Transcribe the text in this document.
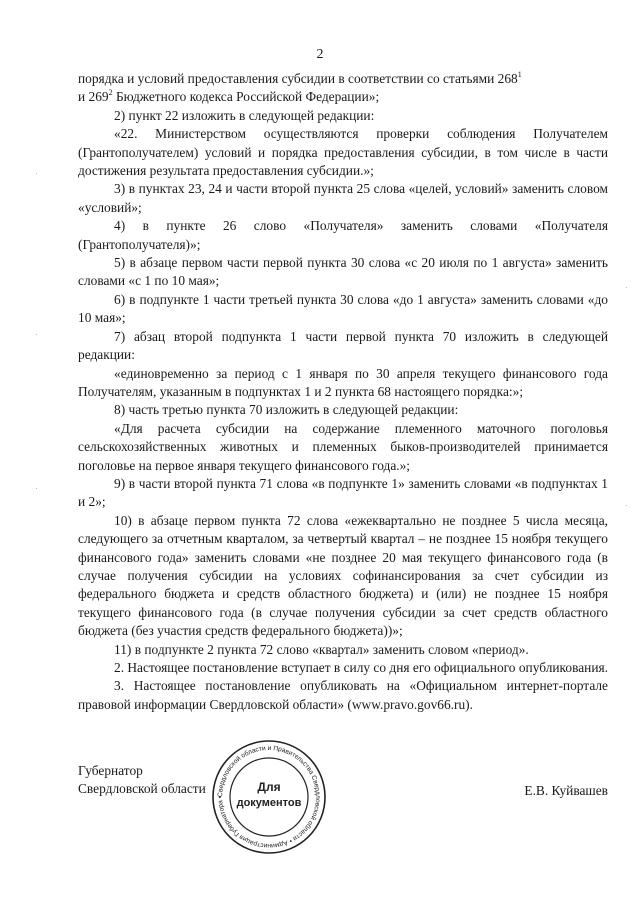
2

порядка и условий предоставления субсидии в соответствии со статьями $268^1$

и $269^2$ Бюджетного кодекса Российской Федерации»;

2) пункт 22 изложить в следующей редакции:

«22. Министерством осуществляются проверки соблюдения Получателем (Грантополучателем) условий и порядка предоставления субсидии, в том числе в части достижения результата предоставления субсидии.»;

3) в пунктах 23, 24 и части второй пункта 25 слова «целей, условий» заменить словом «условий»;

4) в пункте 26 слово «Получателя» заменить словами «Получателя (Грантополучателя)»;

5) в абзаце первом части первой пункта 30 слова «с 20 июля по 1 августа» заменить словами «с 1 по 10 мая»;

6) в подпункте 1 части третьей пункта 30 слова «до 1 августа» заменить словами «до 10 мая»;

7) абзац второй подпункта 1 части первой пункта 70 изложить в следующей редакции:

«единовременно за период с 1 января по 30 апреля текущего финансового года Получателям, указанным в подпунктах 1 и 2 пункта 68 настоящего порядка:»;

8) часть третью пункта 70 изложить в следующей редакции:

«Для расчета субсидии на содержание племенного маточного поголовья сельскохозяйственных животных и племенных быков-производителей принимается поголовье на первое января текущего финансового года.»;

9) в части второй пункта 71 слова «в подпункте 1» заменить словами «в подпунктах 1 и 2»;

10) в абзаце первом пункта 72 слова «ежеквартально не позднее 5 числа месяца, следующего за отчетным кварталом, за четвертый квартал – не позднее 15 ноября текущего финансового года» заменить словами «не позднее 20 мая текущего финансового года (в случае получения субсидии на условиях софинансирования за счет субсидии из федерального бюджета и средств областного бюджета) и (или) не позднее 15 ноября текущего финансового года (в случае получения субсидии за счет средств областного бюджета (без участия средств федерального бюджета))»;

11) в подпункте 2 пункта 72 слово «квартал» заменить словом «период».

2. Настоящее постановление вступает в силу со дня его официального опубликования.

3. Настоящее постановление опубликовать на «Официальном интернет-портале правовой информации Свердловской области» (www.pravo.gov66.ru).

Губернатор
Свердловской области	Е.В. Куйвашев
Свердловской области и Правительства Свердловской области • Администрация Губернатора •
Для
документов
